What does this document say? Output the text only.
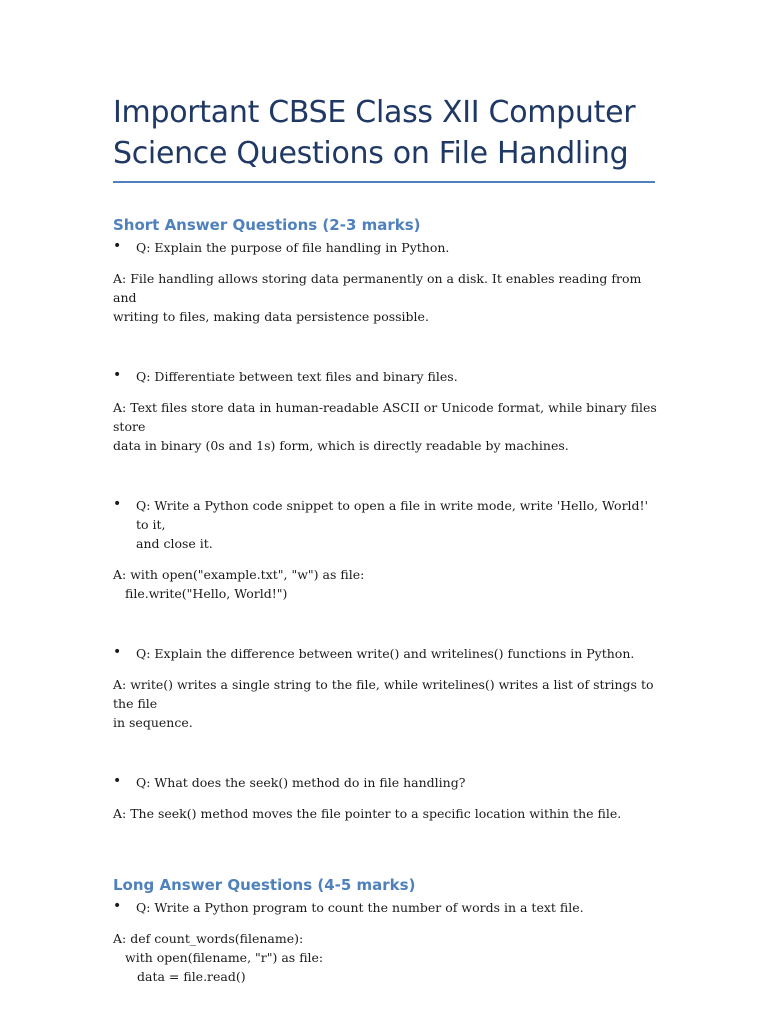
Important CBSE Class XII Computer
Science Questions on File Handling
Short Answer Questions (2-3 marks)
• Q: Explain the purpose of file handling in Python.
A: File handling allows storing data permanently on a disk. It enables reading from and
writing to files, making data persistence possible.
• Q: Differentiate between text files and binary files.
A: Text files store data in human-readable ASCII or Unicode format, while binary files store
data in binary (0s and 1s) form, which is directly readable by machines.
• Q: Write a Python code snippet to open a file in write mode, write 'Hello, World!' to it,
and close it.
A: with open("example.txt", "w") as file:
file.write("Hello, World!")
• Q: Explain the difference between write() and writelines() functions in Python.
A: write() writes a single string to the file, while writelines() writes a list of strings to the file
in sequence.
• Q: What does the seek() method do in file handling?
A: The seek() method moves the file pointer to a specific location within the file.
Long Answer Questions (4-5 marks)
• Q: Write a Python program to count the number of words in a text file.
A: def count_words(filename):
with open(filename, "r") as file:
data = file.read()
